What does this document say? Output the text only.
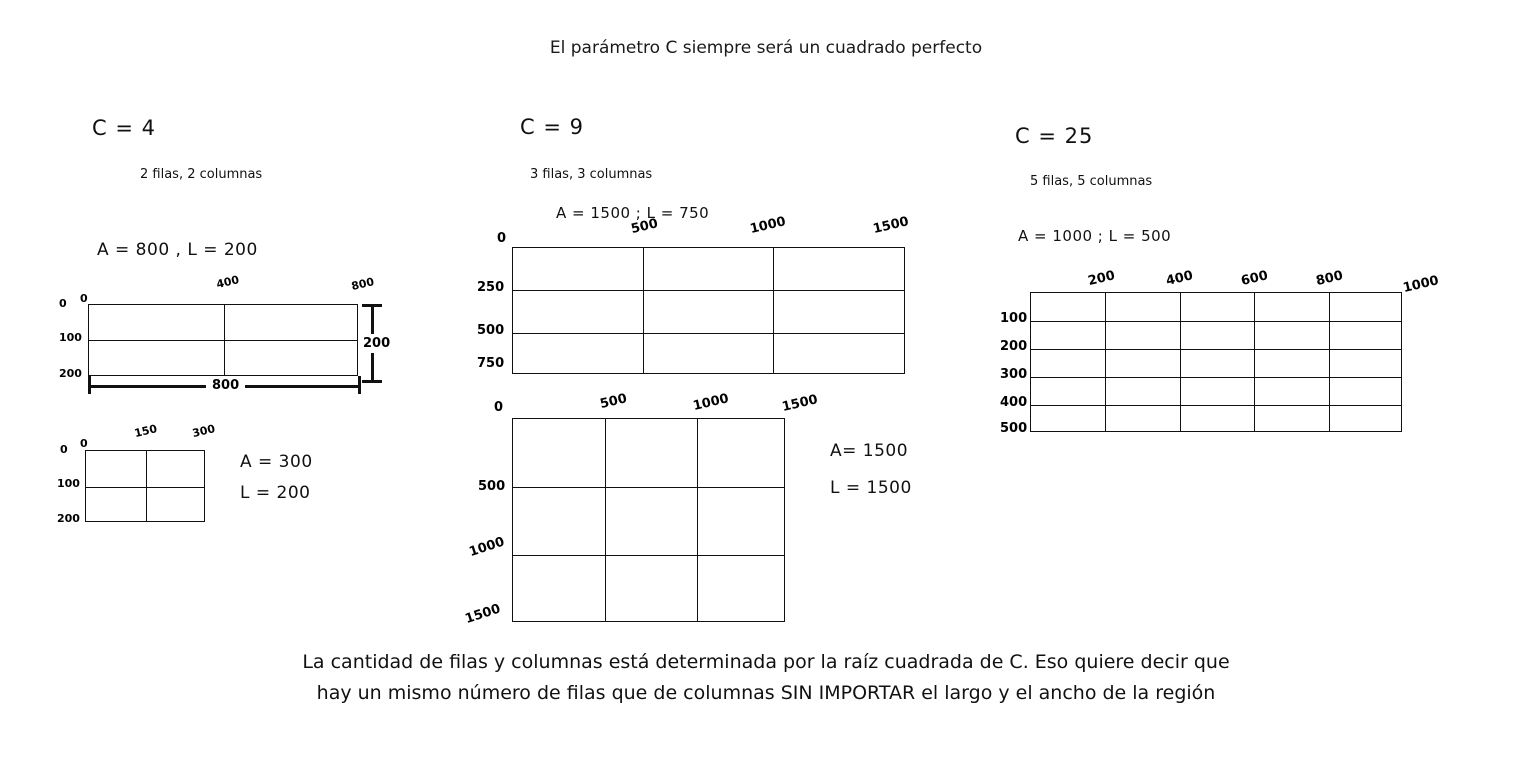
El parámetro C siempre será un cuadrado perfecto
C = 4
2 filas, 2 columnas
A = 800 , L = 200
0
400	800
0
100
200
800
200
0
150	300
0
100
200
A = 300
L = 200
C = 9
3 filas, 3 columnas
A = 1500 ; L = 750
0
500	1000	1500
250
500
750
0	500	1000	1500
500
1000
1500
A= 1500
L = 1500
C = 25
5 filas, 5 columnas
A = 1000 ; L = 500
200	400	600	800	1000
100
200
300
400
500
La cantidad de filas y columnas está determinada por la raíz cuadrada de C. Eso quiere decir que
hay un mismo número de filas que de columnas SIN IMPORTAR el largo y el ancho de la región
